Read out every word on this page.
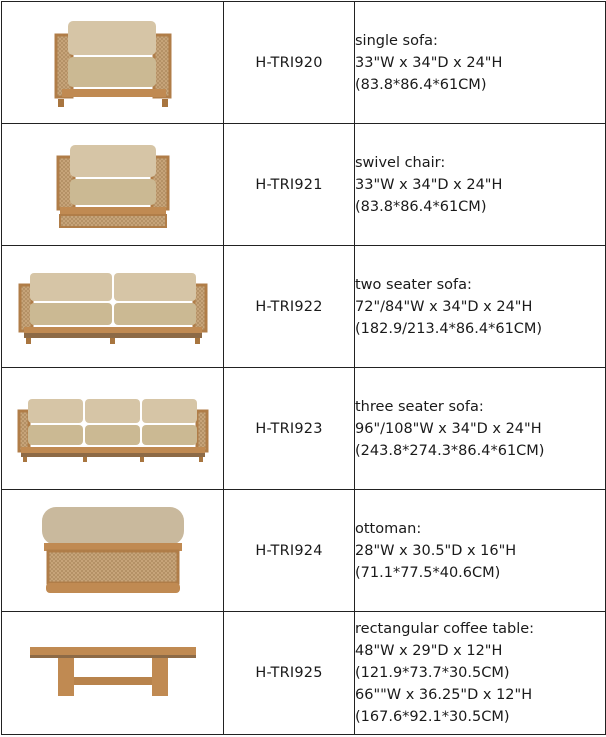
	H-TRI920	single sofa:
33"W x 34"D x 24"H
(83.8*86.4*61CM)

	H-TRI921	swivel chair:
33"W x 34"D x 24"H
(83.8*86.4*61CM)

	H-TRI922	two seater sofa:
72"/84"W x 34"D x 24"H
(182.9/213.4*86.4*61CM)

	H-TRI923	three seater sofa:
96"/108"W x 34"D x 24"H
(243.8*274.3*86.4*61CM)

	H-TRI924	ottoman:
28"W x 30.5"D x 16"H
(71.1*77.5*40.6CM)

	H-TRI925	rectangular coffee table:
48"W x 29"D x 12"H
(121.9*73.7*30.5CM)
66""W x 36.25"D x 12"H
(167.6*92.1*30.5CM)
